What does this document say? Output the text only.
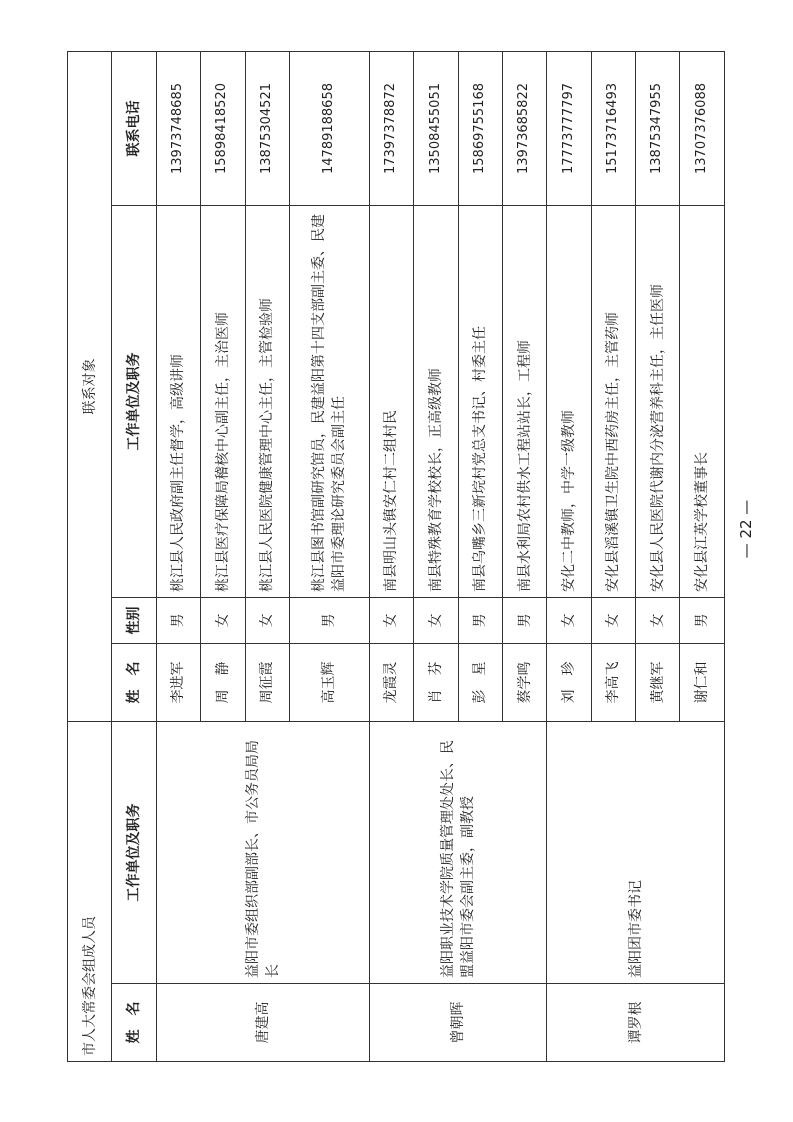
市人大常委会组成人员		联系对象			
姓　名	工作单位及职务	姓　名	性别	工作单位及职务	联系电话
唐建高	益阳市委组织部副部长、市公务员局局长	李进军	男	桃江县人民政府副主任督学，高级讲师	13973748685
		周　静	女	桃江县医疗保障局稽核中心副主任，主治医师	15898418520
		周征霞	女	桃江县人民医院健康管理中心主任，主管检验师	13875304521
		高玉辉	男	桃江县图书馆副研究馆员，民建益阳第十四支部副主委、民建益阳市委理论研究委员会副主任	14789188658
曾朝晖	益阳职业技术学院质量管理处处长、民盟益阳市委会副主委，副教授	龙霞灵	女	南县明山头镇安仁村二组村民	17397378872
		肖　芬	女	南县特殊教育学校校长，正高级教师	13508455051
		彭　星	男	南县乌嘴乡三新垸村党总支书记、村委主任	15869755168
		蔡学鸣	男	南县水利局农村供水工程站站长，工程师	13973685822
谭罗根	益阳团市委书记	刘　珍	女	安化二中教师，中学一级教师	17773777797
		李高飞	女	安化县滔溪镇卫生院中西药房主任，主管药师	15173716493
		黄继军	女	安化县人民医院代谢内分泌营养科主任，主任医师	13875347955
		谢仁和	男	安化县江英学校董事长	13707376088
— 22 —
